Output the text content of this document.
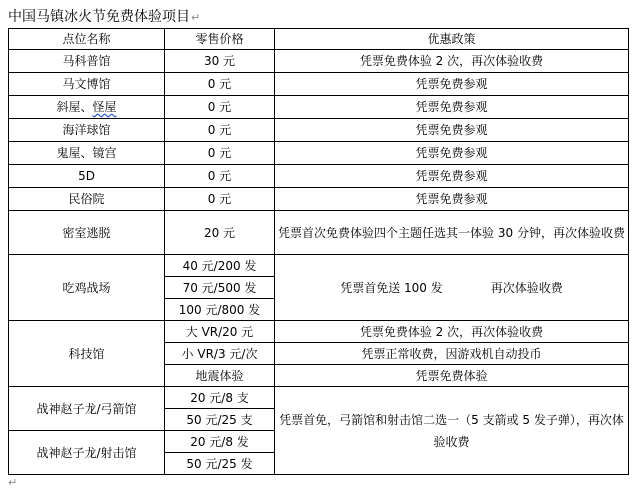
中国马镇冰火节免费体验项目↵
点位名称	零售价格	优惠政策
马科普馆	30 元	凭票免费体验 2 次，再次体验收费
马文博馆	0 元	凭票免费参观
斜屋、怪屋	0 元	凭票免费参观
海洋球馆	0 元	凭票免费参观
鬼屋、镜宫	0 元	凭票免费参观
5D	0 元	凭票免费参观
民俗院	0 元	凭票免费参观
密室逃脱	20 元	凭票首次免费体验四个主题任选其一体验 30 分钟，再次体验收费
吃鸡战场	40 元/200 发	凭票首免送 100 发 再次体验收费
	70 元/500 发	
	100 元/800 发	
科技馆	大 VR/20 元	凭票免费体验 2 次，再次体验收费
	小 VR/3 元/次	凭票正常收费，因游戏机自动投币
	地震体验	凭票免费体验
战神赵子龙/弓箭馆	20 元/8 支	凭票首免，弓箭馆和射击馆二选一（5 支箭或 5 发子弹），再次体验收费
	50 元/25 支	
战神赵子龙/射击馆	20 元/8 发	
	50 元/25 发	
↵
